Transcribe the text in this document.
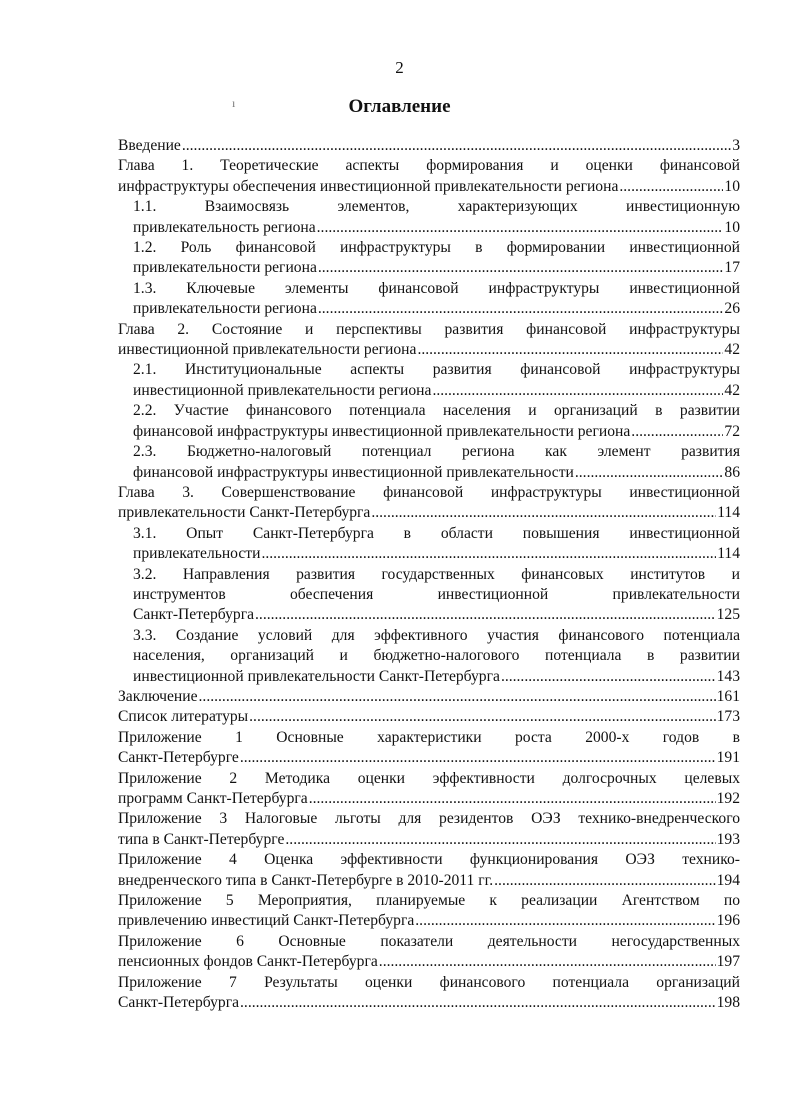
2
Оглавление
Введение .....	3
Глава 1. Теоретические аспекты формирования и оценки финансовой
инфраструктуры обеспечения инвестиционной привлекательности региона .....	10
1.1. Взаимосвязь элементов, характеризующих инвестиционную
привлекательность региона .....	10
1.2. Роль финансовой инфраструктуры в формировании инвестиционной
привлекательности региона .....	17
1.3. Ключевые элементы финансовой инфраструктуры инвестиционной
привлекательности региона .....	26
Глава 2. Состояние и перспективы развития финансовой инфраструктуры
инвестиционной привлекательности региона .....	42
2.1. Институциональные аспекты развития финансовой инфраструктуры
инвестиционной привлекательности региона .....	42
2.2. Участие финансового потенциала населения и организаций в развитии
финансовой инфраструктуры инвестиционной привлекательности региона .....	72
2.3. Бюджетно-налоговый потенциал региона как элемент развития
финансовой инфраструктуры инвестиционной привлекательности .....	86
Глава 3. Совершенствование финансовой инфраструктуры инвестиционной
привлекательности Санкт-Петербурга .....	114
3.1. Опыт Санкт-Петербурга в области повышения инвестиционной
привлекательности .....	114
3.2. Направления развития государственных финансовых институтов и
инструментов обеспечения инвестиционной привлекательности
Санкт-Петербурга .....	125
3.3. Создание условий для эффективного участия финансового потенциала
населения, организаций и бюджетно-налогового потенциала в развитии
инвестиционной привлекательности Санкт-Петербурга .....	143
Заключение .....	161
Список литературы .....	173
Приложение 1 Основные характеристики роста 2000-х годов в
Санкт-Петербурге .....	191
Приложение 2 Методика оценки эффективности долгосрочных целевых
программ Санкт-Петербурга .....	192
Приложение 3 Налоговые льготы для резидентов ОЭЗ технико-внедренческого
типа в Санкт-Петербурге .....	193
Приложение 4 Оценка эффективности функционирования ОЭЗ технико-
внедренческого типа в Санкт-Петербурге в 2010-2011 гг. .....	194
Приложение 5 Мероприятия, планируемые к реализации Агентством по
привлечению инвестиций Санкт-Петербурга .....	196
Приложение 6 Основные показатели деятельности негосударственных
пенсионных фондов Санкт-Петербурга .....	197
Приложение 7 Результаты оценки финансового потенциала организаций
Санкт-Петербурга .....	198
ı
